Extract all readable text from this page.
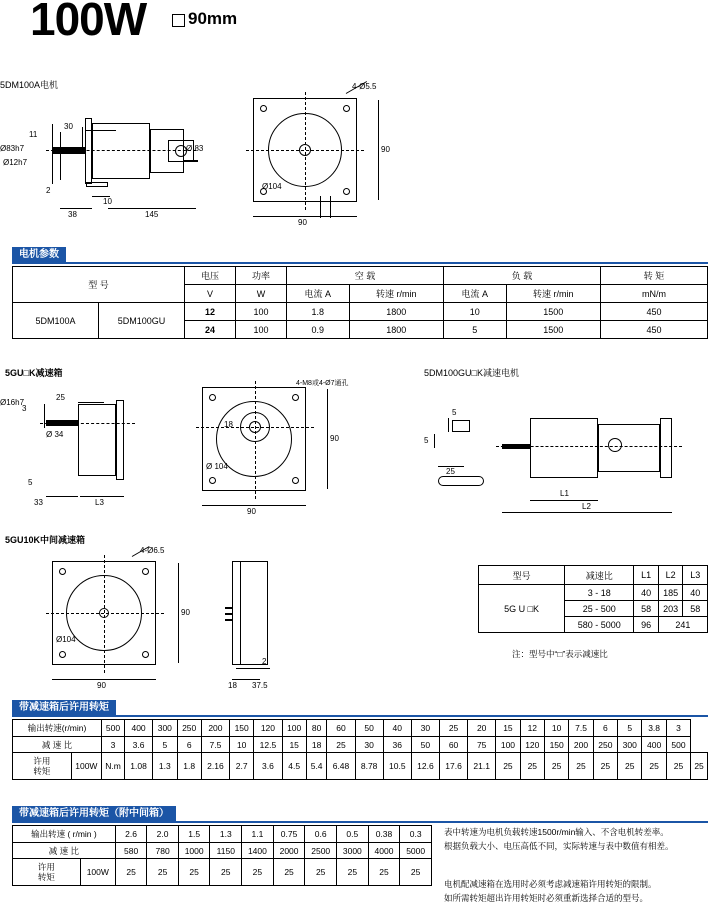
100W 90mm
5DM100A电机
Ø83h7
Ø12h7
11
30
2
10
38	145
Ø 83
4-Ø5.5
Ø104
90
90
电机参数
型 号		电压	功率	空 载		负 载		转 矩
		V	W	电流 A	转速 r/min	电流 A	转速 r/min	mN/m
5DM100A	5DM100GU	12	100	1.8	1800	10	1500	450
		24	100	0.9	1800	5	1500	450
5GU□K减速箱
Ø16h7
3
25
Ø 34
5
33	L3
4-M8或4-Ø7通孔
18
90
Ø 104
90
5DM100GU□K减速电机
L1
L2
5
5
25
5GU10K中间减速箱
4-Ø6.5
90
Ø104
90
2
18 37.5
型号	减速比	L1	L2	L3
5G U □K	3 - 18	40	185	40
	25 - 500	58	203	58
	580 - 5000	96	241	
注：型号中“□”表示减速比
带减速箱后许用转矩
输出转速(r/min)		500	400	300	250	200	150	120	100	80	60	50	40	30	25	20	15	12	10	7.5	6	5	3.8	3	
减 速 比		3	3.6	5	6	7.5	10	12.5	15	18	25	30	36	50	60	75	100	120	150	200	250	300	400	500	
许用
转矩	100W	N.m	1.08	1.3	1.8	2.16	2.7	3.6	4.5	5.4	6.48	8.78	10.5	12.6	17.6	21.1	25	25	25	25	25	25	25	25	25
带减速箱后许用转矩（附中间箱）
输出转速 ( r/min )		2.6	2.0	1.5	1.3	1.1	0.75	0.6	0.5	0.38	0.3
减 速 比		580	780	1000	1150	1400	2000	2500	3000	4000	5000
许用
转矩	100W	25	25	25	25	25	25	25	25	25	25
表中转速为电机负载转速1500r/min输入、不含电机转差率。
根据负载大小、电压高低不同，实际转速与表中数值有相差。
电机配减速箱在选用时必须考虑减速箱许用转矩的限制。
如所需转矩超出许用转矩时必须重新选择合适的型号。
